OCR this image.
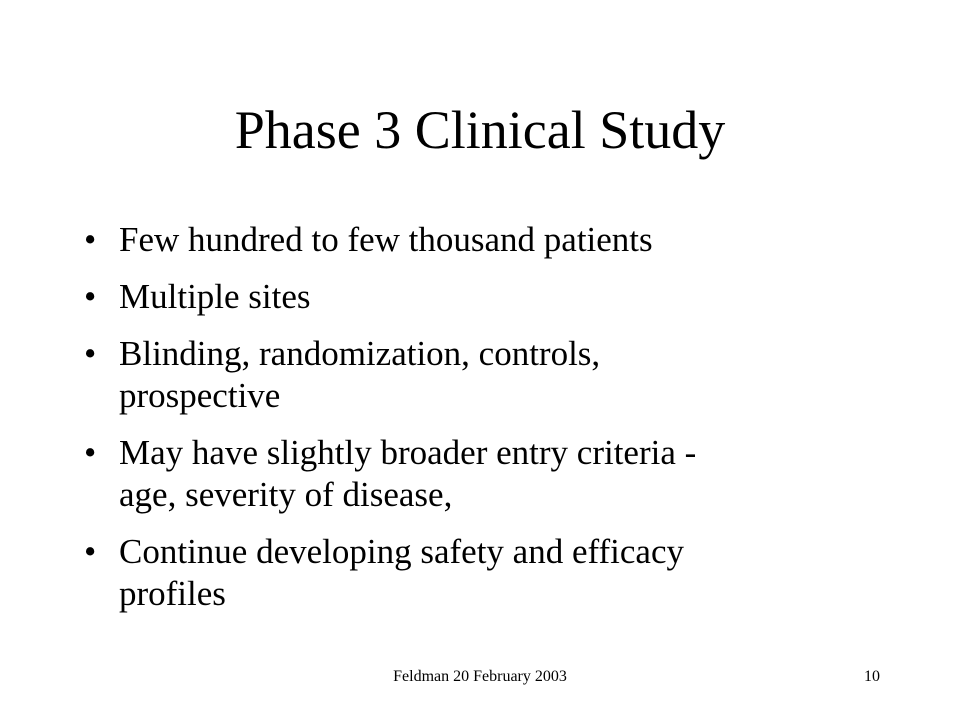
Phase 3 Clinical Study
• Few hundred to few thousand patients
• Multiple sites
• Blinding, randomization, controls,
prospective
• May have slightly broader entry criteria -
age, severity of disease,
• Continue developing safety and efficacy
profiles
Feldman 20 February 2003	10
